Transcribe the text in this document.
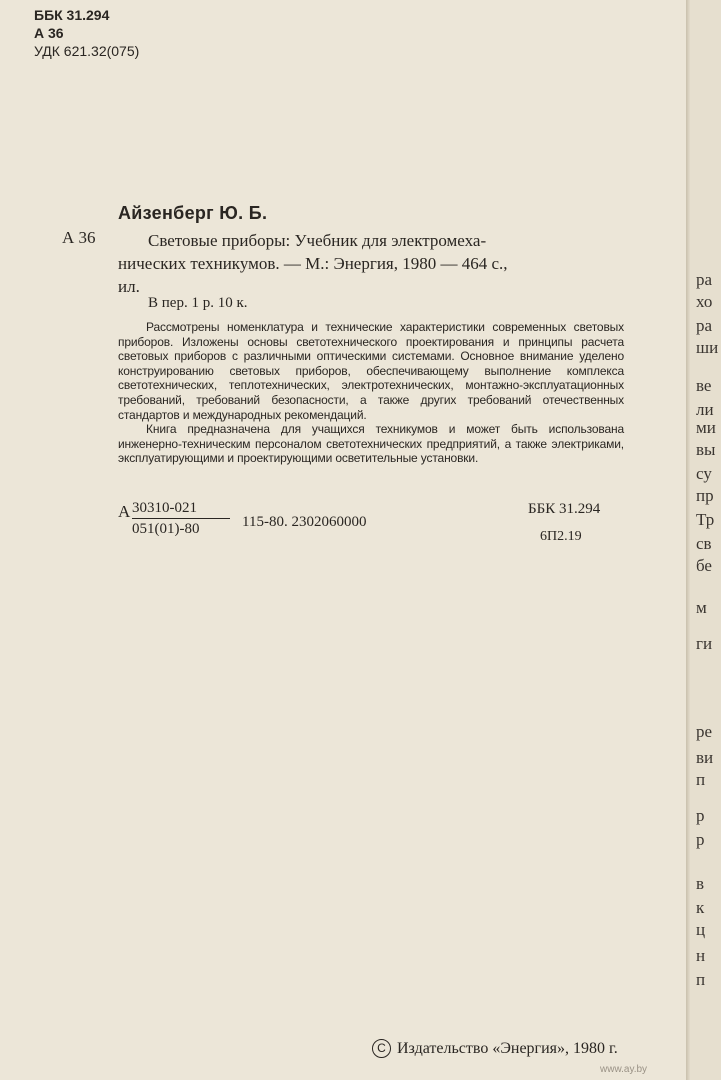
ББК 31.294
А 36
УДК 621.32(075)
Айзенберг Ю. Б.
А 36	Световые приборы: Учебник для электромеха-
нических техникумов. — М.: Энергия, 1980 — 464 с.,
ил.
В пер. 1 р. 10 к.

Рассмотрены номенклатура и технические характеристики современных световых приборов. Изложены основы светотехнического проектирования и принципы расчета световых приборов с различными оптическими системами. Основное внимание уделено конструированию световых приборов, обеспечивающему выполнение комплекса светотехнических, теплотехнических, электротехнических, монтажно-эксплуатационных требований, требований безопасности, а также других требований отечественных стандартов и международных рекомендаций.

Книга предназначена для учащихся техникумов и может быть использована инженерно-техническим персоналом светотехнических предприятий, а также электриками, эксплуатирующими и проектирующими осветительные установки.

А $\frac{30310-021}{051(01)-80} 115-80$. 2302060000
ББК 31.294
6П2.19
C Издательство «Энергия», 1980 г.
ра
хо
ра
ши
ве
ли
ми
вы
су
пр
Тр
св
бе
м
ги
ре
ви
п
р
р
в
к
ц
н
п
www.ay.by
